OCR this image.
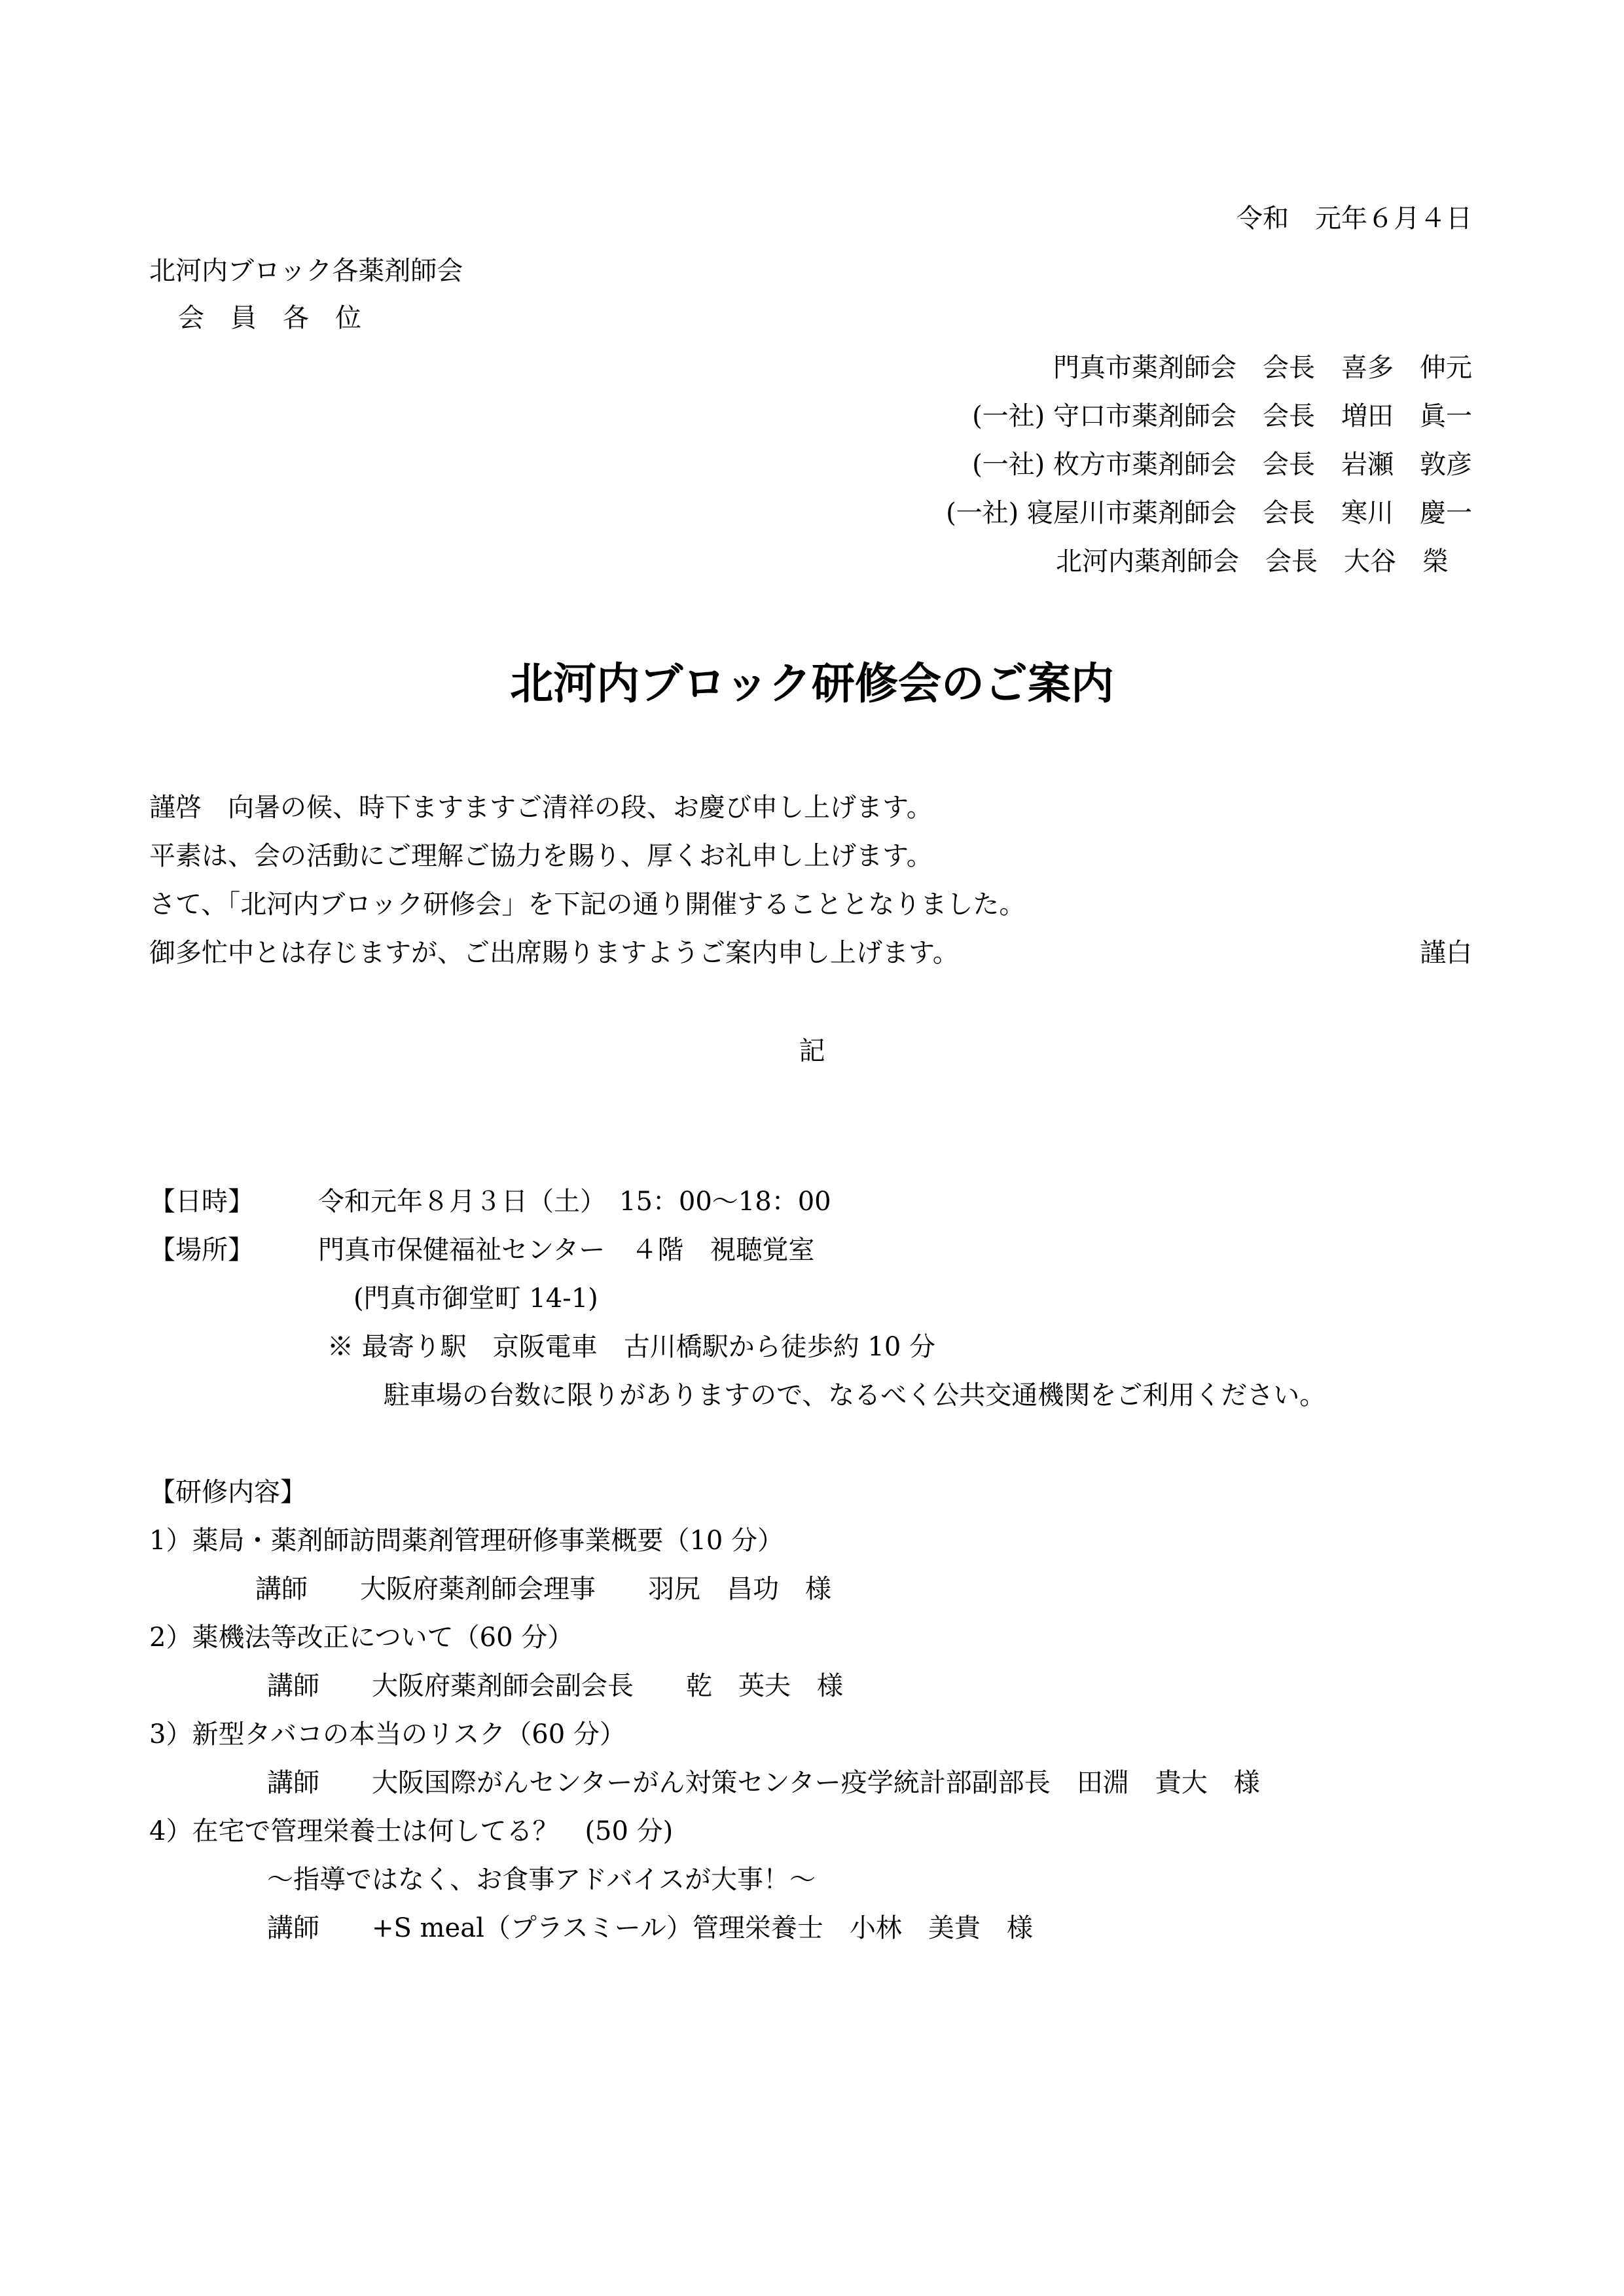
令和　元年６月４日
北河内ブロック各薬剤師会
会　員　各　位
門真市薬剤師会　会長　喜多　伸元
(一社) 守口市薬剤師会　会長　増田　眞一
(一社) 枚方市薬剤師会　会長　岩瀬　敦彦
(一社) 寝屋川市薬剤師会　会長　寒川　慶一
北河内薬剤師会　会長　大谷　榮
北河内ブロック研修会のご案内
謹啓　向暑の候、時下ますますご清祥の段、お慶び申し上げます。
平素は、会の活動にご理解ご協力を賜り、厚くお礼申し上げます。
さて、「北河内ブロック研修会」を下記の通り開催することとなりました。
御多忙中とは存じますが、ご出席賜りますようご案内申し上げます。	謹白
記
【日時】 令和元年８月３日（土）　15：00～18：00
【場所】 門真市保健福祉センター　４階　視聴覚室
(門真市御堂町 14-1)
※ 最寄り駅　京阪電車　古川橋駅から徒歩約 10 分
駐車場の台数に限りがありますので、なるべく公共交通機関をご利用ください。
【研修内容】
1）薬局・薬剤師訪問薬剤管理研修事業概要（10 分）
講師　　大阪府薬剤師会理事　　羽尻　昌功　様
2）薬機法等改正について（60 分）
講師　　大阪府薬剤師会副会長　　乾　英夫　様
3）新型タバコの本当のリスク（60 分）
講師　　大阪国際がんセンターがん対策センター疫学統計部副部長　田淵　貴大　様
4）在宅で管理栄養士は何してる？　(50 分)
～指導ではなく、お食事アドバイスが大事！～
講師　　+S meal（プラスミール）管理栄養士　小林　美貴　様
